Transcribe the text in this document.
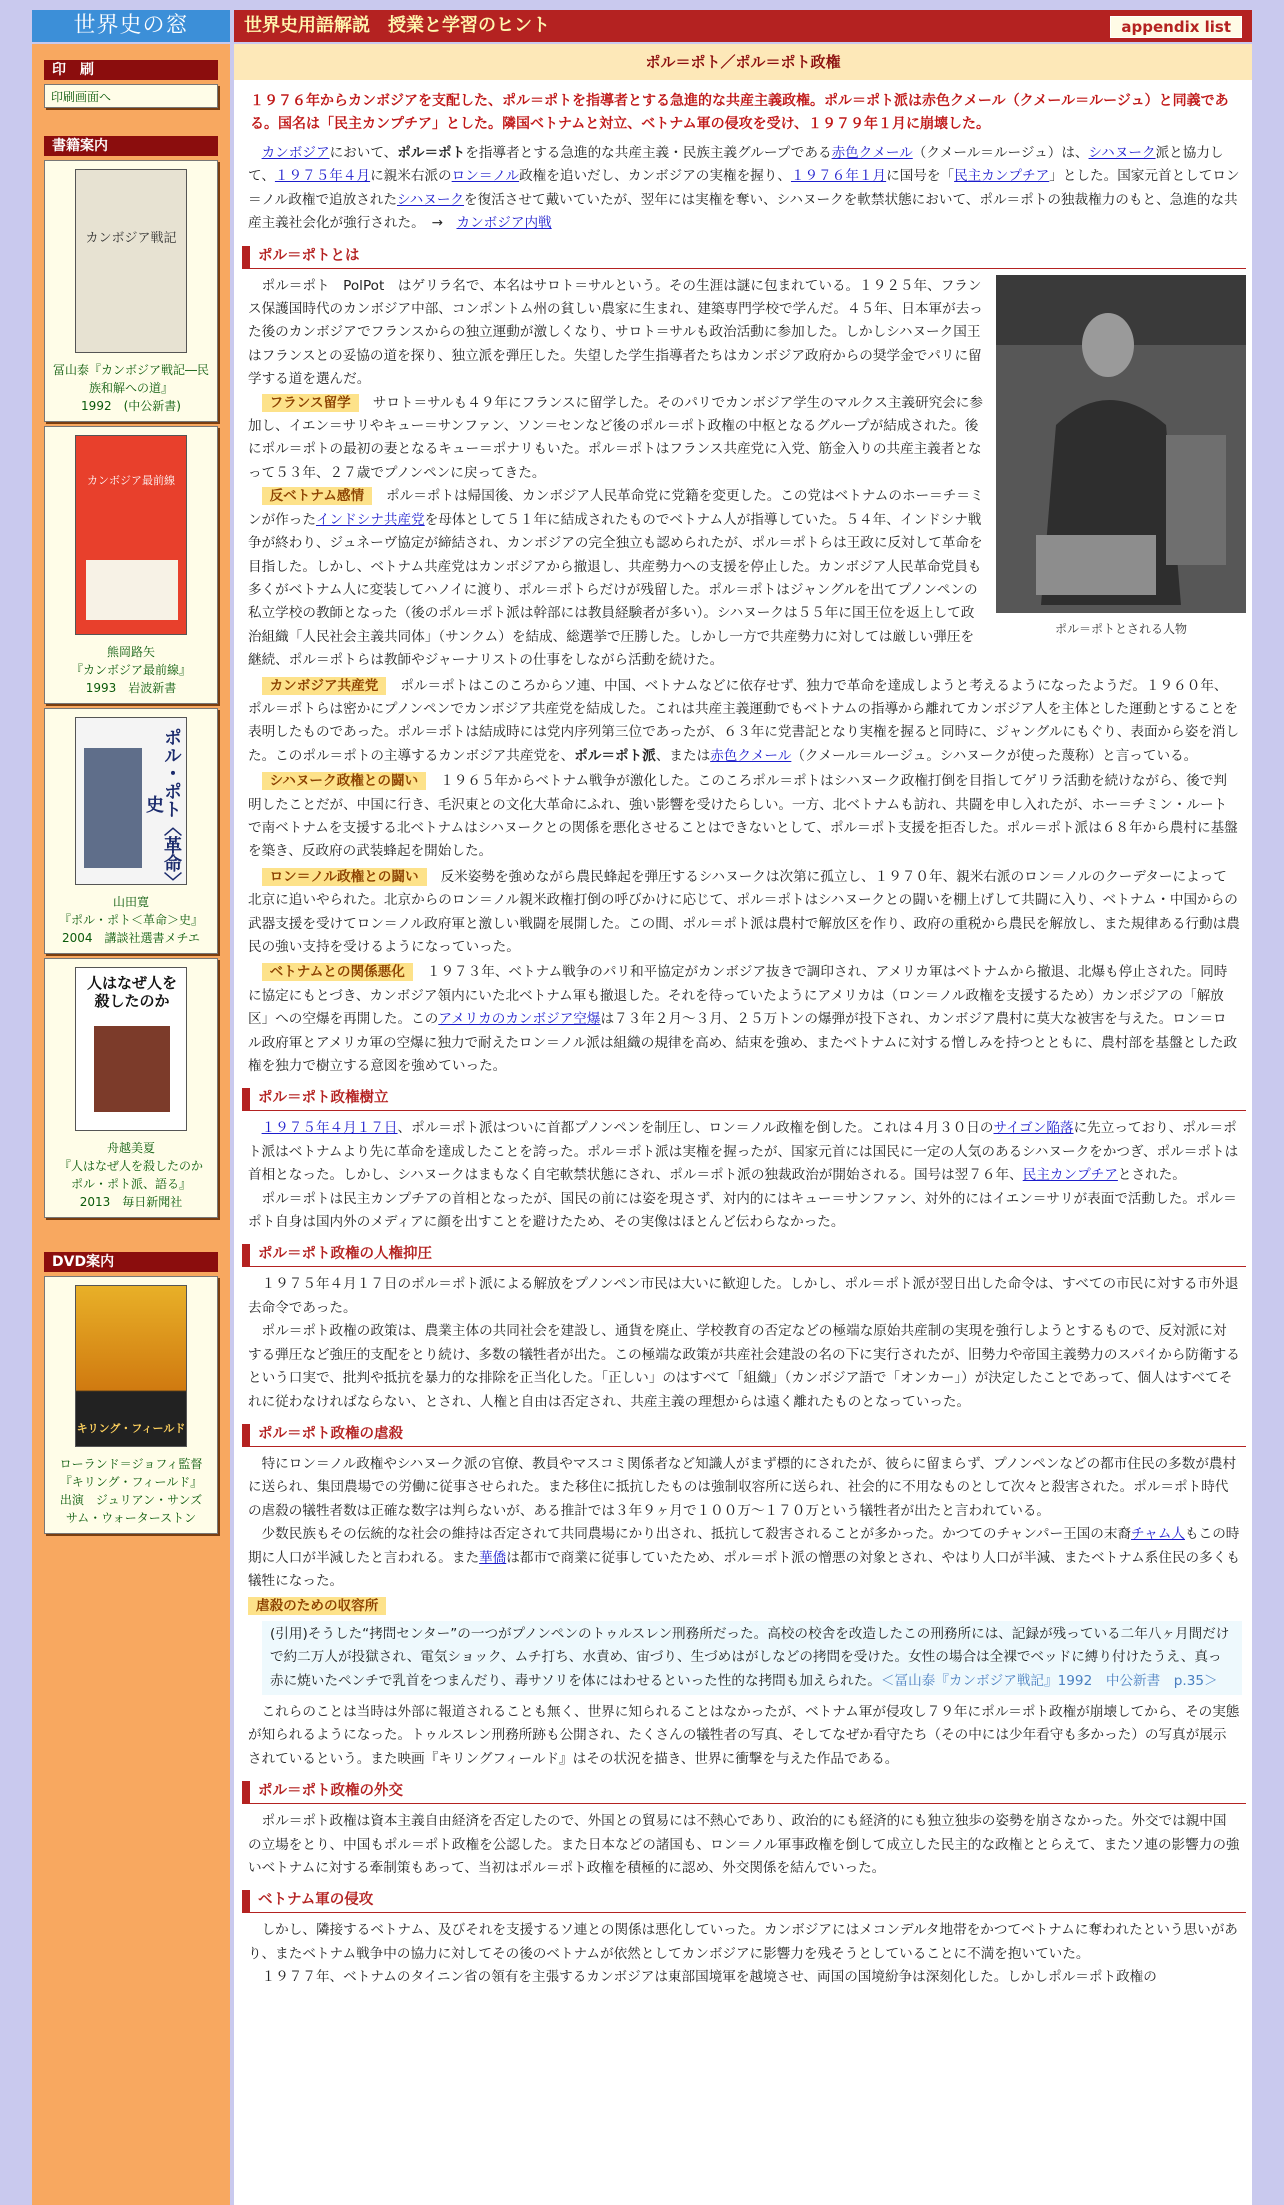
世界史の窓	世界史用語解説　授業と学習のヒント	appendix list
印　刷
印刷画面へ
書籍案内
カンボジア戦記
冨山泰『カンボジア戦記―民族和解への道』
1992　(中公新書)
カンボジア最前線
熊岡路矢
『カンボジア最前線』
1993　岩波新書
ポル・ポト〈革命〉史
山田寛
『ポル・ポト＜革命＞史』
2004　講談社選書メチエ
人はなぜ人を殺したのか
舟越美夏
『人はなぜ人を殺したのか　ポル・ポト派、語る』
2013　毎日新聞社
DVD案内
キリング・フィールド
ローランド＝ジョフィ監督
『キリング・フィールド』
出演　ジュリアン・サンズ
サム・ウォーターストン
ポル＝ポト／ポル＝ポト政権
１９７６年からカンボジアを支配した、ポル＝ポトを指導者とする急進的な共産主義政権。ポル＝ポト派は赤色クメール（クメール＝ルージュ）と同義である。国名は「民主カンプチア」とした。隣国ベトナムと対立、ベトナム軍の侵攻を受け、１９７９年１月に崩壊した。
カンボジアにおいて、ポル＝ポトを指導者とする急進的な共産主義・民族主義グループである赤色クメール（クメール＝ルージュ）は、シハヌーク派と協力して、１９７５年４月に親米右派のロン＝ノル政権を追いだし、カンボジアの実権を握り、１９７６年１月に国号を「民主カンプチア」とした。国家元首としてロン＝ノル政権で追放されたシハヌークを復活させて戴いていたが、翌年には実権を奪い、シハヌークを軟禁状態において、ポル＝ポトの独裁権力のもと、急進的な共産主義社会化が強行された。　→　カンボジア内戦
ポル＝ポトとは
ポル＝ポトとされる人物
ポル＝ポト　PolPot　はゲリラ名で、本名はサロト＝サルという。その生涯は謎に包まれている。１９２５年、フランス保護国時代のカンボジア中部、コンポントム州の貧しい農家に生まれ、建築専門学校で学んだ。４５年、日本軍が去った後のカンボジアでフランスからの独立運動が激しくなり、サロト＝サルも政治活動に参加した。しかしシハヌーク国王はフランスとの妥協の道を探り、独立派を弾圧した。失望した学生指導者たちはカンボジア政府からの奨学金でパリに留学する道を選んだ。
フランス留学 サロト＝サルも４９年にフランスに留学した。そのパリでカンボジア学生のマルクス主義研究会に参加し、イエン＝サリやキュー＝サンファン、ソン＝センなど後のポル＝ポト政権の中枢となるグループが結成された。後にポル＝ポトの最初の妻となるキュー＝ポナリもいた。ポル＝ポトはフランス共産党に入党、筋金入りの共産主義者となって５３年、２７歳でプノンペンに戻ってきた。
反ベトナム感情 ポル＝ポトは帰国後、カンボジア人民革命党に党籍を変更した。この党はベトナムのホー＝チ＝ミンが作ったインドシナ共産党を母体として５１年に結成されたものでベトナム人が指導していた。５４年、インドシナ戦争が終わり、ジュネーヴ協定が締結され、カンボジアの完全独立も認められたが、ポル＝ポトらは王政に反対して革命を目指した。しかし、ベトナム共産党はカンボジアから撤退し、共産勢力への支援を停止した。カンボジア人民革命党員も多くがベトナム人に変装してハノイに渡り、ポル＝ポトらだけが残留した。ポル＝ポトはジャングルを出てプノンペンの私立学校の教師となった（後のポル＝ポト派は幹部には教員経験者が多い）。シハヌークは５５年に国王位を返上して政治組織「人民社会主義共同体」（サンクム）を結成、総選挙で圧勝した。しかし一方で共産勢力に対しては厳しい弾圧を継続、ポル＝ポトらは教師やジャーナリストの仕事をしながら活動を続けた。
カンボジア共産党 ポル＝ポトはこのころからソ連、中国、ベトナムなどに依存せず、独力で革命を達成しようと考えるようになったようだ。１９６０年、ポル＝ポトらは密かにプノンペンでカンボジア共産党を結成した。これは共産主義運動でもベトナムの指導から離れてカンボジア人を主体とした運動とすることを表明したものであった。ポル＝ポトは結成時には党内序列第三位であったが、６３年に党書記となり実権を握ると同時に、ジャングルにもぐり、表面から姿を消した。このポル＝ポトの主導するカンボジア共産党を、ポル＝ポト派、または赤色クメール（クメール＝ルージュ。シハヌークが使った蔑称）と言っている。
シハヌーク政権との闘い １９６５年からベトナム戦争が激化した。このころポル＝ポトはシハヌーク政権打倒を目指してゲリラ活動を続けながら、後で判明したことだが、中国に行き、毛沢東との文化大革命にふれ、強い影響を受けたらしい。一方、北ベトナムも訪れ、共闘を申し入れたが、ホー＝チミン・ルートで南ベトナムを支援する北ベトナムはシハヌークとの関係を悪化させることはできないとして、ポル＝ポト支援を拒否した。ポル＝ポト派は６８年から農村に基盤を築き、反政府の武装蜂起を開始した。
ロン＝ノル政権との闘い 反米姿勢を強めながら農民蜂起を弾圧するシハヌークは次第に孤立し、１９７０年、親米右派のロン＝ノルのクーデターによって北京に追いやられた。北京からのロン＝ノル親米政権打倒の呼びかけに応じて、ポル＝ポトはシハヌークとの闘いを棚上げして共闘に入り、ベトナム・中国からの武器支援を受けてロン＝ノル政府軍と激しい戦闘を展開した。この間、ポル＝ポト派は農村で解放区を作り、政府の重税から農民を解放し、また規律ある行動は農民の強い支持を受けるようになっていった。
ベトナムとの関係悪化 １９７３年、ベトナム戦争のパリ和平協定がカンボジア抜きで調印され、アメリカ軍はベトナムから撤退、北爆も停止された。同時に協定にもとづき、カンボジア領内にいた北ベトナム軍も撤退した。それを待っていたようにアメリカは（ロン＝ノル政権を支援するため）カンボジアの「解放区」への空爆を再開した。このアメリカのカンボジア空爆は７３年２月～３月、２５万トンの爆弾が投下され、カンボジア農村に莫大な被害を与えた。ロン＝ロル政府軍とアメリカ軍の空爆に独力で耐えたロン＝ノル派は組織の規律を高め、結束を強め、またベトナムに対する憎しみを持つとともに、農村部を基盤とした政権を独力で樹立する意図を強めていった。
ポル＝ポト政権樹立
１９７５年４月１７日、ポル＝ポト派はついに首都プノンペンを制圧し、ロン＝ノル政権を倒した。これは４月３０日のサイゴン陥落に先立っており、ポル＝ポト派はベトナムより先に革命を達成したことを誇った。ポル＝ポト派は実権を握ったが、国家元首には国民に一定の人気のあるシハヌークをかつぎ、ポル＝ポトは首相となった。しかし、シハヌークはまもなく自宅軟禁状態にされ、ポル＝ポト派の独裁政治が開始される。国号は翌７６年、民主カンプチアとされた。
ポル＝ポトは民主カンプチアの首相となったが、国民の前には姿を現さず、対内的にはキュー＝サンファン、対外的にはイエン＝サリが表面で活動した。ポル＝ポト自身は国内外のメディアに顔を出すことを避けたため、その実像はほとんど伝わらなかった。
ポル＝ポト政権の人権抑圧
１９７５年４月１７日のポル＝ポト派による解放をプノンペン市民は大いに歓迎した。しかし、ポル＝ポト派が翌日出した命令は、すべての市民に対する市外退去命令であった。
ポル＝ポト政権の政策は、農業主体の共同社会を建設し、通貨を廃止、学校教育の否定などの極端な原始共産制の実現を強行しようとするもので、反対派に対する弾圧など強圧的支配をとり続け、多数の犠牲者が出た。この極端な政策が共産社会建設の名の下に実行されたが、旧勢力や帝国主義勢力のスパイから防衛するという口実で、批判や抵抗を暴力的な排除を正当化した。「正しい」のはすべて「組織」（カンボジア語で「オンカー」）が決定したことであって、個人はすべてそれに従わなければならない、とされ、人権と自由は否定され、共産主義の理想からは遠く離れたものとなっていった。
ポル＝ポト政権の虐殺
特にロン＝ノル政権やシハヌーク派の官僚、教員やマスコミ関係者など知識人がまず標的にされたが、彼らに留まらず、プノンペンなどの都市住民の多数が農村に送られ、集団農場での労働に従事させられた。また移住に抵抗したものは強制収容所に送られ、社会的に不用なものとして次々と殺害された。ポル＝ポト時代の虐殺の犠牲者数は正確な数字は判らないが、ある推計では３年９ヶ月で１００万～１７０万という犠牲者が出たと言われている。
少数民族もその伝統的な社会の維持は否定されて共同農場にかり出され、抵抗して殺害されることが多かった。かつてのチャンパー王国の末裔チャム人もこの時期に人口が半減したと言われる。また華僑は都市で商業に従事していたため、ポル＝ポト派の憎悪の対象とされ、やはり人口が半減、またベトナム系住民の多くも犠牲になった。
虐殺のための収容所
(引用)そうした“拷問センター”の一つがプノンペンのトゥルスレン刑務所だった。高校の校舎を改造したこの刑務所には、記録が残っている二年八ヶ月間だけで約二万人が投獄され、電気ショック、ムチ打ち、水責め、宙づり、生づめはがしなどの拷問を受けた。女性の場合は全裸でベッドに縛り付けたうえ、真っ赤に焼いたペンチで乳首をつまんだり、毒サソリを体にはわせるといった性的な拷問も加えられた。＜冨山泰『カンボジア戦記』1992　中公新書　p.35＞
これらのことは当時は外部に報道されることも無く、世界に知られることはなかったが、ベトナム軍が侵攻し７９年にポル＝ポト政権が崩壊してから、その実態が知られるようになった。トゥルスレン刑務所跡も公開され、たくさんの犠牲者の写真、そしてなぜか看守たち（その中には少年看守も多かった）の写真が展示されているという。また映画『キリングフィールド』はその状況を描き、世界に衝撃を与えた作品である。
ポル＝ポト政権の外交
ポル＝ポト政権は資本主義自由経済を否定したので、外国との貿易には不熱心であり、政治的にも経済的にも独立独歩の姿勢を崩さなかった。外交では親中国の立場をとり、中国もポル＝ポト政権を公認した。また日本などの諸国も、ロン＝ノル軍事政権を倒して成立した民主的な政権ととらえて、またソ連の影響力の強いベトナムに対する牽制策もあって、当初はポル＝ポト政権を積極的に認め、外交関係を結んでいった。
ベトナム軍の侵攻
しかし、隣接するベトナム、及びそれを支援するソ連との関係は悪化していった。カンボジアにはメコンデルタ地帯をかつてベトナムに奪われたという思いがあり、またベトナム戦争中の協力に対してその後のベトナムが依然としてカンボジアに影響力を残そうとしていることに不満を抱いていた。
１９７７年、ベトナムのタイニン省の領有を主張するカンボジアは東部国境軍を越境させ、両国の国境紛争は深刻化した。しかしポル＝ポト政権の
